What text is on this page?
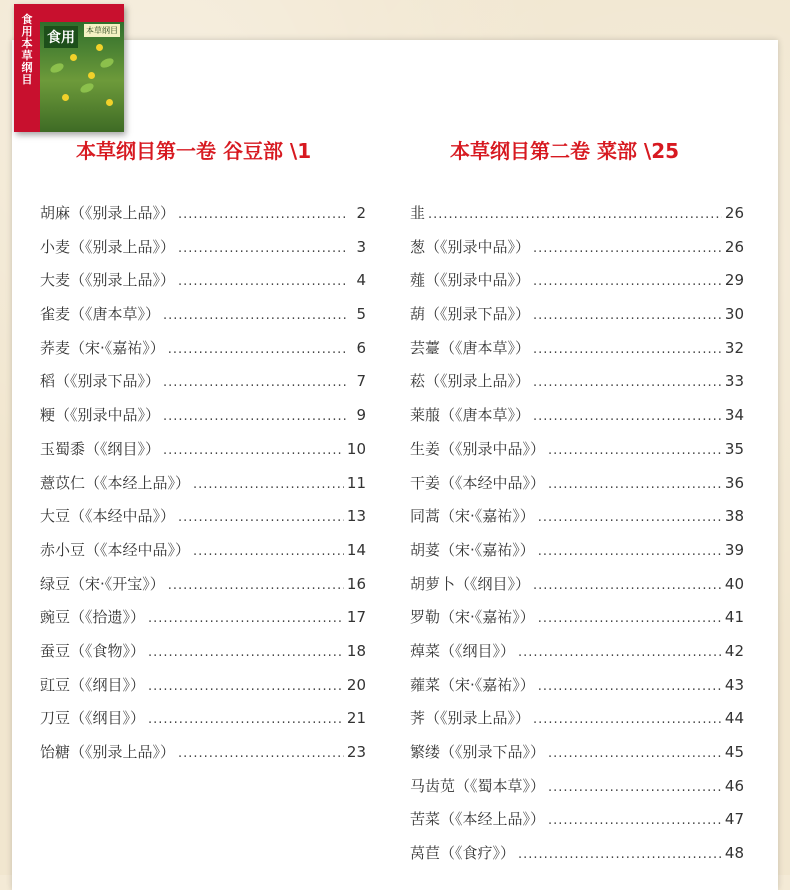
食用本草纲目
食用	本草纲目
本草纲目第一卷 谷豆部 \1	本草纲目第二卷 菜部 \25
胡麻（《别录上品》） .....	2
小麦（《别录上品》） .....	3
大麦（《别录上品》） .....	4
雀麦（《唐本草》） .....	5
荞麦（宋·《嘉祐》） .....	6
稻（《别录下品》） .....	7
粳（《别录中品》） .....	9
玉蜀黍（《纲目》） .....	10
薏苡仁（《本经上品》） .....	11
大豆（《本经中品》） .....	13
赤小豆（《本经中品》） .....	14
绿豆（宋·《开宝》） .....	16
豌豆（《拾遗》） .....	17
蚕豆（《食物》） .....	18
豇豆（《纲目》） .....	20
刀豆（《纲目》） .....	21
饴糖（《别录上品》） .....	23
韭 .....	26
葱（《别录中品》） .....	26
薤（《别录中品》） .....	29
葫（《别录下品》） .....	30
芸薹（《唐本草》） .....	32
菘（《别录上品》） .....	33
莱菔（《唐本草》） .....	34
生姜（《别录中品》） .....	35
干姜（《本经中品》） .....	36
同蒿（宋·《嘉祐》） .....	38
胡荽（宋·《嘉祐》） .....	39
胡萝卜（《纲目》） .....	40
罗勒（宋·《嘉祐》） .....	41
蔊菜（《纲目》） .....	42
蕹菜（宋·《嘉祐》） .....	43
荠（《别录上品》） .....	44
繁缕（《别录下品》） .....	45
马齿苋（《蜀本草》） .....	46
苦菜（《本经上品》） .....	47
莴苣（《食疗》） .....	48
